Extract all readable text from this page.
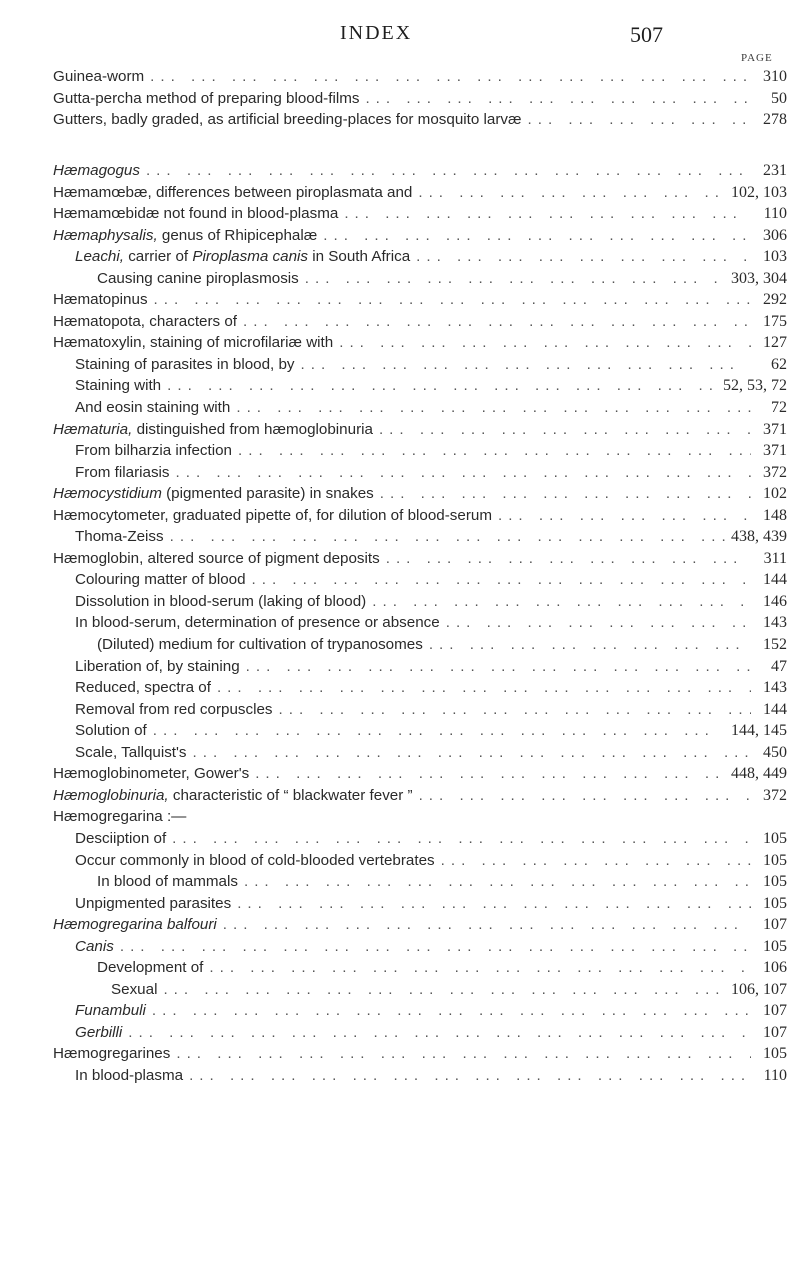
INDEX	507
PAGE
Guinea-worm ... .	310
Gutta-percha method of preparing blood-films ... .	50
Gutters, badly graded, as artificial breeding-places for mosquito larvæ ... .	278
Hæmagogus ... .	231
Hæmamœbæ, differences between piroplasmata and ... .	102, 103
Hæmamœbidæ not found in blood-plasma ... .	110
Hæmaphysalis, genus of Rhipicephalæ ... .	306
Leachi, carrier of Piroplasma canis in South Africa ... .	103
Causing canine piroplasmosis ... .	303, 304
Hæmatopinus ... .	292
Hæmatopota, characters of ... .	175
Hæmatoxylin, staining of microfilariæ with ... .	127
Staining of parasites in blood, by ... .	62
Staining with ... .	52, 53, 72
And eosin staining with ... .	72
Hæmaturia, distinguished from hæmoglobinuria ... .	371
From bilharzia infection ... .	371
From filariasis ... .	372
Hæmocystidium (pigmented parasite) in snakes ... .	102
Hæmocytometer, graduated pipette of, for dilution of blood-serum ... .	148
Thoma-Zeiss ... .	438, 439
Hæmoglobin, altered source of pigment deposits ... .	311
Colouring matter of blood ... .	144
Dissolution in blood-serum (laking of blood) ... .	146
In blood-serum, determination of presence or absence ... .	143
(Diluted) medium for cultivation of trypanosomes ... .	152
Liberation of, by staining ... .	47
Reduced, spectra of ... .	143
Removal from red corpuscles ... .	144
Solution of ... .	144, 145
Scale, Tallquist's ... .	450
Hæmoglobinometer, Gower's ... .	448, 449
Hæmoglobinuria, characteristic of “ blackwater fever ” ... .	372
Hæmogregarina :—
Desciiption of ... .	105
Occur commonly in blood of cold-blooded vertebrates ... .	105
In blood of mammals ... .	105
Unpigmented parasites ... .	105
Hæmogregarina balfouri ... .	107
Canis ... .	105
Development of ... .	106
Sexual ... .	106, 107
Funambuli ... .	107
Gerbilli ... .	107
Hæmogregarines ... .	105
In blood-plasma ... .	110
